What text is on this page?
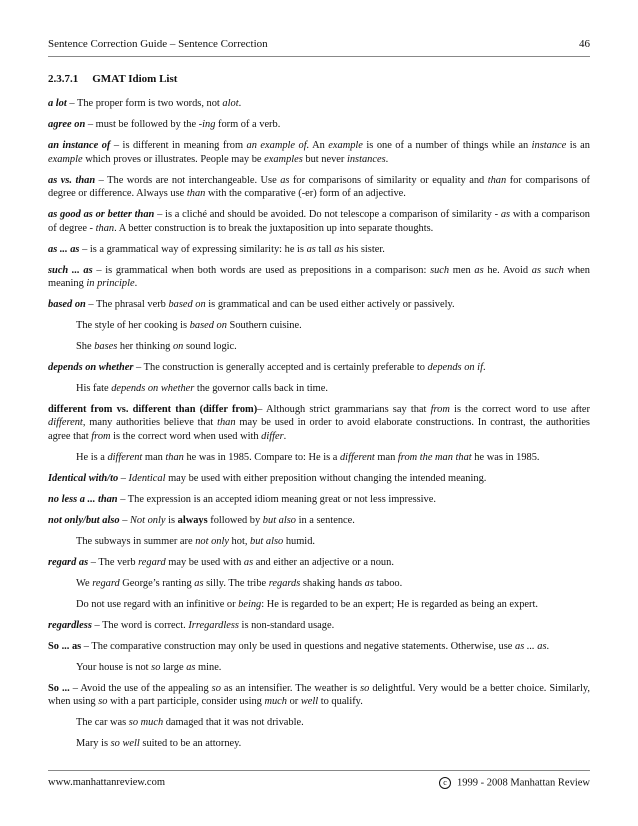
Sentence Correction Guide – Sentence Correction	46
2.3.7.1 GMAT Idiom List
a lot – The proper form is two words, not alot.
agree on – must be followed by the -ing form of a verb.
an instance of – is different in meaning from an example of. An example is one of a number of things while an instance is an example which proves or illustrates. People may be examples but never instances.
as vs. than – The words are not interchangeable. Use as for comparisons of similarity or equality and than for comparisons of degree or difference. Always use than with the comparative (-er) form of an adjective.
as good as or better than – is a cliché and should be avoided. Do not telescope a comparison of similarity - as with a comparison of degree - than. A better construction is to break the juxtaposition up into separate thoughts.
as ... as – is a grammatical way of expressing similarity: he is as tall as his sister.
such ... as – is grammatical when both words are used as prepositions in a comparison: such men as he. Avoid as such when meaning in principle.
based on – The phrasal verb based on is grammatical and can be used either actively or passively.
The style of her cooking is based on Southern cuisine.
She bases her thinking on sound logic.
depends on whether – The construction is generally accepted and is certainly preferable to depends on if.
His fate depends on whether the governor calls back in time.
different from vs. different than (differ from)– Although strict grammarians say that from is the correct word to use after different, many authorities believe that than may be used in order to avoid elaborate constructions. In contrast, the authorities agree that from is the correct word when used with differ.
He is a different man than he was in 1985. Compare to: He is a different man from the man that he was in 1985.
Identical with/to – Identical may be used with either preposition without changing the intended meaning.
no less a ... than – The expression is an accepted idiom meaning great or not less impressive.
not only/but also – Not only is always followed by but also in a sentence.
The subways in summer are not only hot, but also humid.
regard as – The verb regard may be used with as and either an adjective or a noun.
We regard George’s ranting as silly. The tribe regards shaking hands as taboo.
Do not use regard with an infinitive or being: He is regarded to be an expert; He is regarded as being an expert.
regardless – The word is correct. Irregardless is non-standard usage.
So ... as – The comparative construction may only be used in questions and negative statements. Otherwise, use as ... as.
Your house is not so large as mine.
So ... – Avoid the use of the appealing so as an intensifier. The weather is so delightful. Very would be a better choice. Similarly, when using so with a part participle, consider using much or well to qualify.
The car was so much damaged that it was not drivable.
Mary is so well suited to be an attorney.
www.manhattanreview.com	c 1999 - 2008 Manhattan Review
